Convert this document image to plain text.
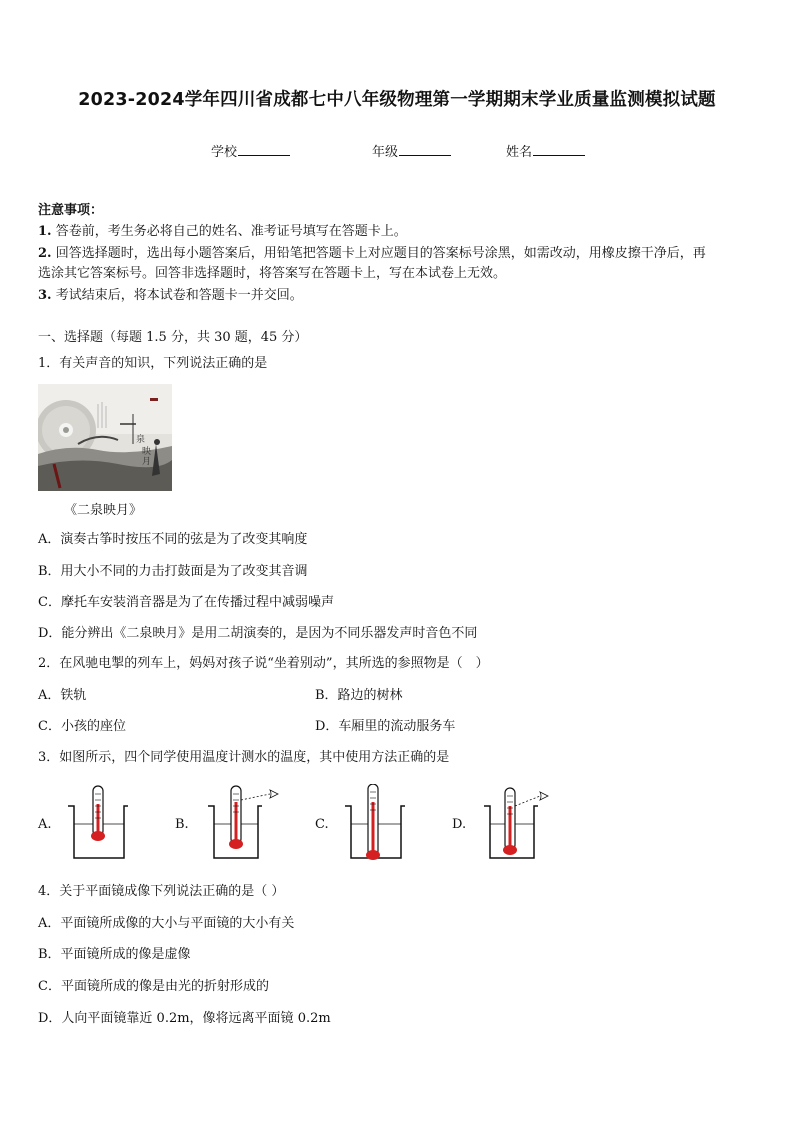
2023-2024学年四川省成都七中八年级物理第一学期期末学业质量监测模拟试题
学校	年级	姓名
注意事项：
1. 答卷前，考生务必将自己的姓名、准考证号填写在答题卡上。
2. 回答选择题时，选出每小题答案后，用铅笔把答题卡上对应题目的答案标号涂黑，如需改动，用橡皮擦干净后，再
选涂其它答案标号。回答非选择题时，将答案写在答题卡上，写在本试卷上无效。
3. 考试结束后，将本试卷和答题卡一并交回。
一、选择题（每题 1.5 分，共 30 题，45 分）
1．有关声音的知识，下列说法正确的是
泉
映
月
《二泉映月》
A．演奏古筝时按压不同的弦是为了改变其响度
B．用大小不同的力击打鼓面是为了改变其音调
C．摩托车安装消音器是为了在传播过程中减弱噪声
D．能分辨出《二泉映月》是用二胡演奏的，是因为不同乐器发声时音色不同
2．在风驰电掣的列车上，妈妈对孩子说“坐着别动”，其所选的参照物是（　）
A．铁轨	B．路边的树林
C．小孩的座位	D．车厢里的流动服务车
3．如图所示，四个同学使用温度计测水的温度，其中使用方法正确的是
A.	B.	C.	D.
4．关于平面镜成像下列说法正确的是（ ）
A．平面镜所成像的大小与平面镜的大小有关
B．平面镜所成的像是虚像
C．平面镜所成的像是由光的折射形成的
D．人向平面镜靠近 0.2m，像将远离平面镜 0.2m
